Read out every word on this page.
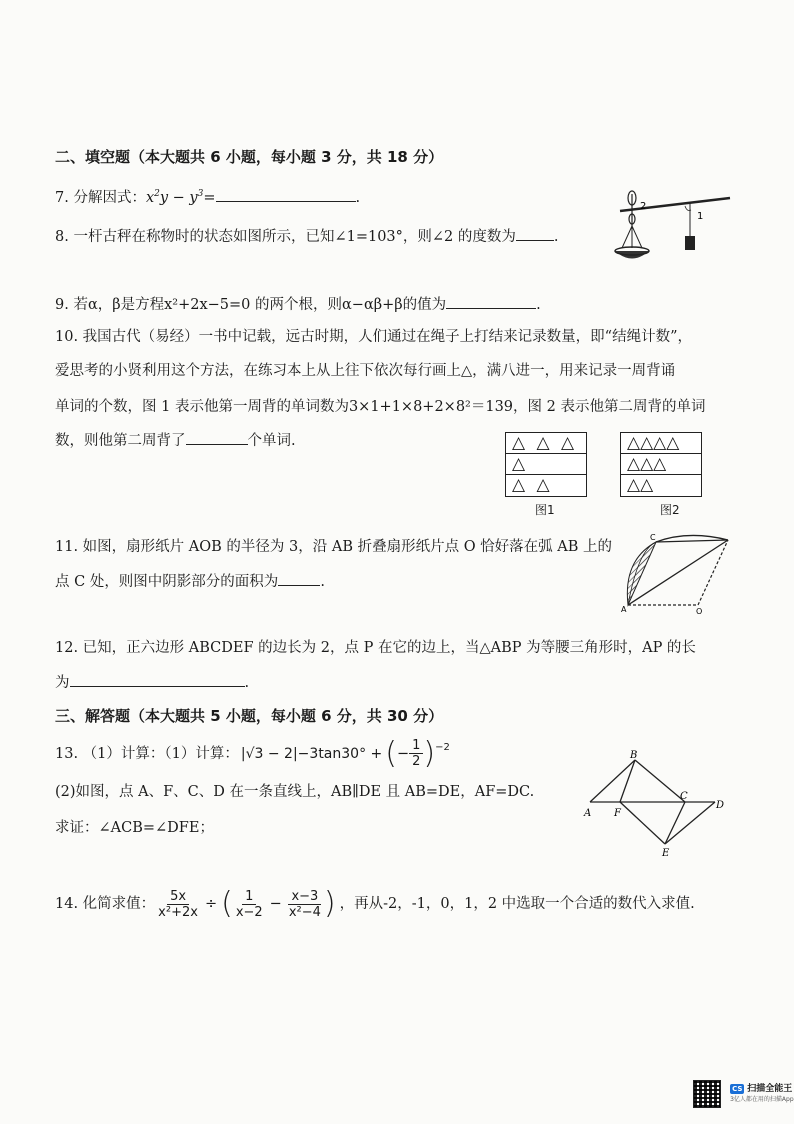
二、填空题（本大题共 6 小题，每小题 3 分，共 18 分）
7. 分解因式：$x^2y - y^3=$	.
8. 一杆古秤在称物时的状态如图所示，已知∠1=103°，则∠2 的度数为	.
2
1
9. 若α，β是方程x²+2x−5=0 的两个根，则α−αβ+β的值为	.
10. 我国古代（易经）一书中记载，远古时期，人们通过在绳子上打结来记录数量，即“结绳计数”，
爱思考的小贤利用这个方法，在练习本上从上往下依次每行画上△，满八进一，用来记录一周背诵
单词的个数，图 1 表示他第一周背的单词数为3×1+1×8+2×8²＝139，图 2 表示他第二周背的单词
数，则他第二周背了	个单词.	△ △ △
△
△ △
图1
△△△△
△△△
△△
图2
11. 如图，扇形纸片 AOB 的半径为 3，沿 AB 折叠扇形纸片点 O 恰好落在弧 AB 上的
点 C 处，则图中阴影部分的面积为	.
C
A	O
12. 已知，正六边形 ABCDEF 的边长为 2，点 P 在它的边上，当△ABP 为等腰三角形时，AP 的长
为	.
三、解答题（本大题共 5 小题，每小题 6 分，共 30 分）
13. （1）计算：（1）计算： |√3 − 2|−3tan30° + ( − $\frac{1}{2} )^{-2}$
(2)如图，点 A、F、C、D 在一条直线上，AB∥DE 且 AB=DE，AF=DC.
求证：∠ACB=∠DFE；
B
A F
C
D
E
14. 化简求值： $\frac{5x}{\text{x²+2x}}$ ÷ ( $\frac{1}{x-2} - \frac{x-3}{\text{x²−4}}$ ) ，再从-2，-1，0，1，2 中选取一个合适的数代入求值.
CS 扫描全能王
3亿人都在用的扫描App
